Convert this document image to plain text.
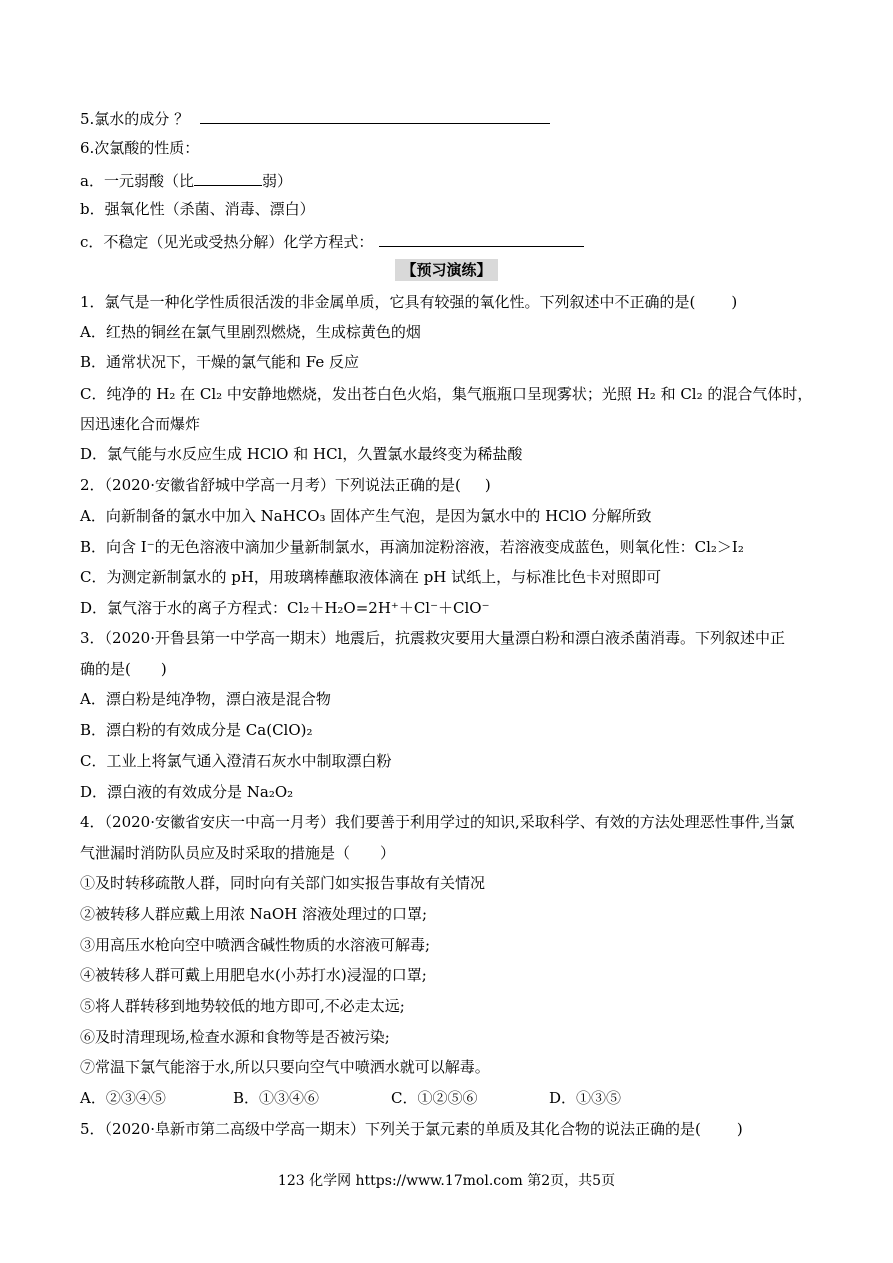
5.氯水的成分 ？
6.次氯酸的性质：
a．一元弱酸（比	弱）
b．强氧化性（杀菌、消毒、漂白）
c．不稳定（见光或受热分解）化学方程式：
【预习演练】
1．氯气是一种化学性质很活泼的非金属单质，它具有较强的氧化性。下列叙述中不正确的是( )
A．红热的铜丝在氯气里剧烈燃烧，生成棕黄色的烟
B．通常状况下，干燥的氯气能和 Fe 反应
C．纯净的 H₂ 在 Cl₂ 中安静地燃烧，发出苍白色火焰，集气瓶瓶口呈现雾状；光照 H₂ 和 Cl₂ 的混合气体时，
因迅速化合而爆炸
D．氯气能与水反应生成 HClO 和 HCl，久置氯水最终变为稀盐酸
2．（2020·安徽省舒城中学高一月考）下列说法正确的是( )
A．向新制备的氯水中加入 NaHCO₃ 固体产生气泡，是因为氯水中的 HClO 分解所致
B．向含 I⁻的无色溶液中滴加少量新制氯水，再滴加淀粉溶液，若溶液变成蓝色，则氧化性：Cl₂＞I₂
C．为测定新制氯水的 pH，用玻璃棒蘸取液体滴在 pH 试纸上，与标准比色卡对照即可
D．氯气溶于水的离子方程式：Cl₂＋H₂O=2H⁺＋Cl⁻＋ClO⁻
3．（2020·开鲁县第一中学高一期末）地震后，抗震救灾要用大量漂白粉和漂白液杀菌消毒。下列叙述中正
确的是( )
A．漂白粉是纯净物，漂白液是混合物
B．漂白粉的有效成分是 Ca(ClO)₂
C．工业上将氯气通入澄清石灰水中制取漂白粉
D．漂白液的有效成分是 Na₂O₂
4．（2020·安徽省安庆一中高一月考）我们要善于利用学过的知识,采取科学、有效的方法处理恶性事件,当氯
气泄漏时消防队员应及时采取的措施是（ ）
①及时转移疏散人群，同时向有关部门如实报告事故有关情况
②被转移人群应戴上用浓 NaOH 溶液处理过的口罩;
③用高压水枪向空中喷洒含碱性物质的水溶液可解毒;
④被转移人群可戴上用肥皂水(小苏打水)浸湿的口罩;
⑤将人群转移到地势较低的地方即可,不必走太远;
⑥及时清理现场,检查水源和食物等是否被污染;
⑦常温下氯气能溶于水,所以只要向空气中喷洒水就可以解毒。
A．②③④⑤	B．①③④⑥	C．①②⑤⑥	D．①③⑤
5．（2020·阜新市第二高级中学高一期末）下列关于氯元素的单质及其化合物的说法正确的是( )
123 化学网 https://www.17mol.com 第2页，共5页
